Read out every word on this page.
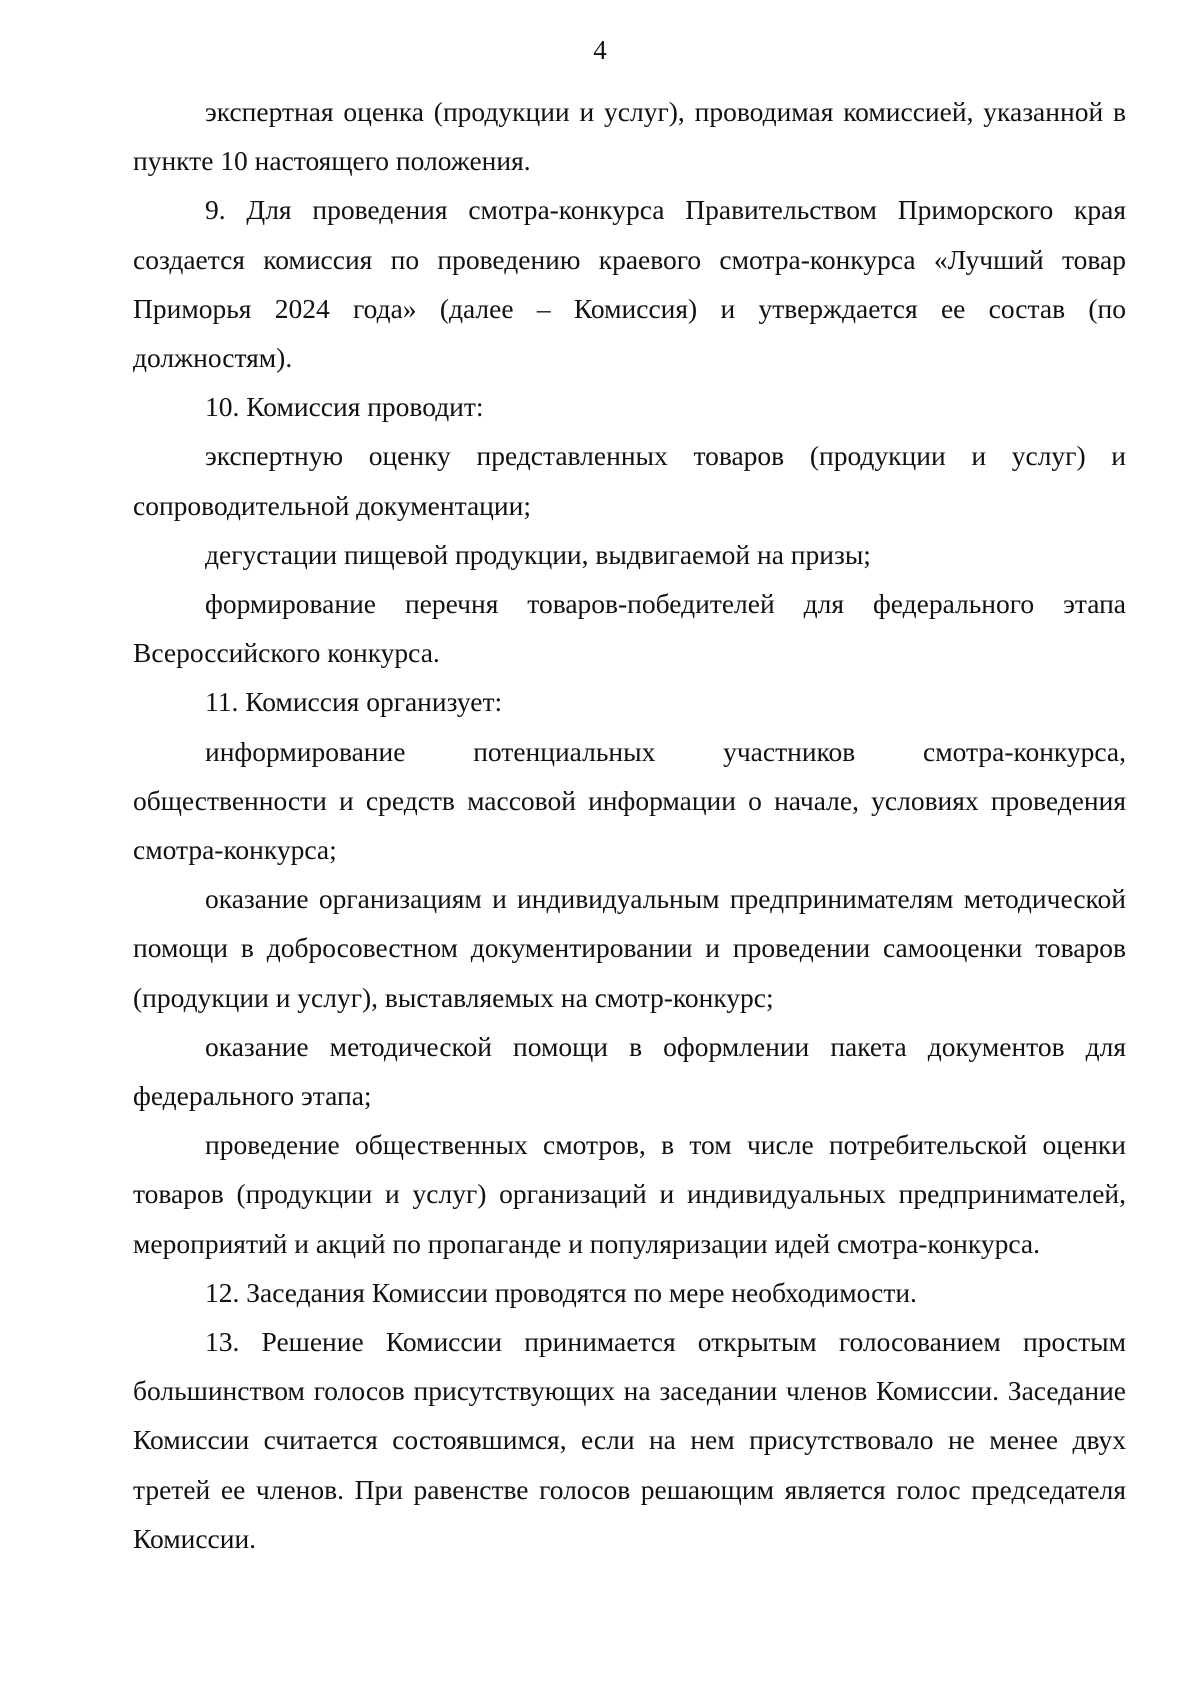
4

экспертная оценка (продукции и услуг), проводимая комиссией, указанной в пункте 10 настоящего положения.

9. Для проведения смотра-конкурса Правительством Приморского края создается комиссия по проведению краевого смотра-конкурса «Лучший товар Приморья 2024 года» (далее – Комиссия) и утверждается ее состав (по должностям).

10. Комиссия проводит:

экспертную оценку представленных товаров (продукции и услуг) и сопроводительной документации;

дегустации пищевой продукции, выдвигаемой на призы;

формирование перечня товаров-победителей для федерального этапа Всероссийского конкурса.

11. Комиссия организует:

информирование потенциальных участников смотра-конкурса, общественности и средств массовой информации о начале, условиях проведения смотра-конкурса;

оказание организациям и индивидуальным предпринимателям методической помощи в добросовестном документировании и проведении самооценки товаров (продукции и услуг), выставляемых на смотр-конкурс;

оказание методической помощи в оформлении пакета документов для федерального этапа;

проведение общественных смотров, в том числе потребительской оценки товаров (продукции и услуг) организаций и индивидуальных предпринимателей, мероприятий и акций по пропаганде и популяризации идей смотра-конкурса.

12. Заседания Комиссии проводятся по мере необходимости.

13. Решение Комиссии принимается открытым голосованием простым большинством голосов присутствующих на заседании членов Комиссии. Заседание Комиссии считается состоявшимся, если на нем присутствовало не менее двух третей ее членов. При равенстве голосов решающим является голос председателя Комиссии.
